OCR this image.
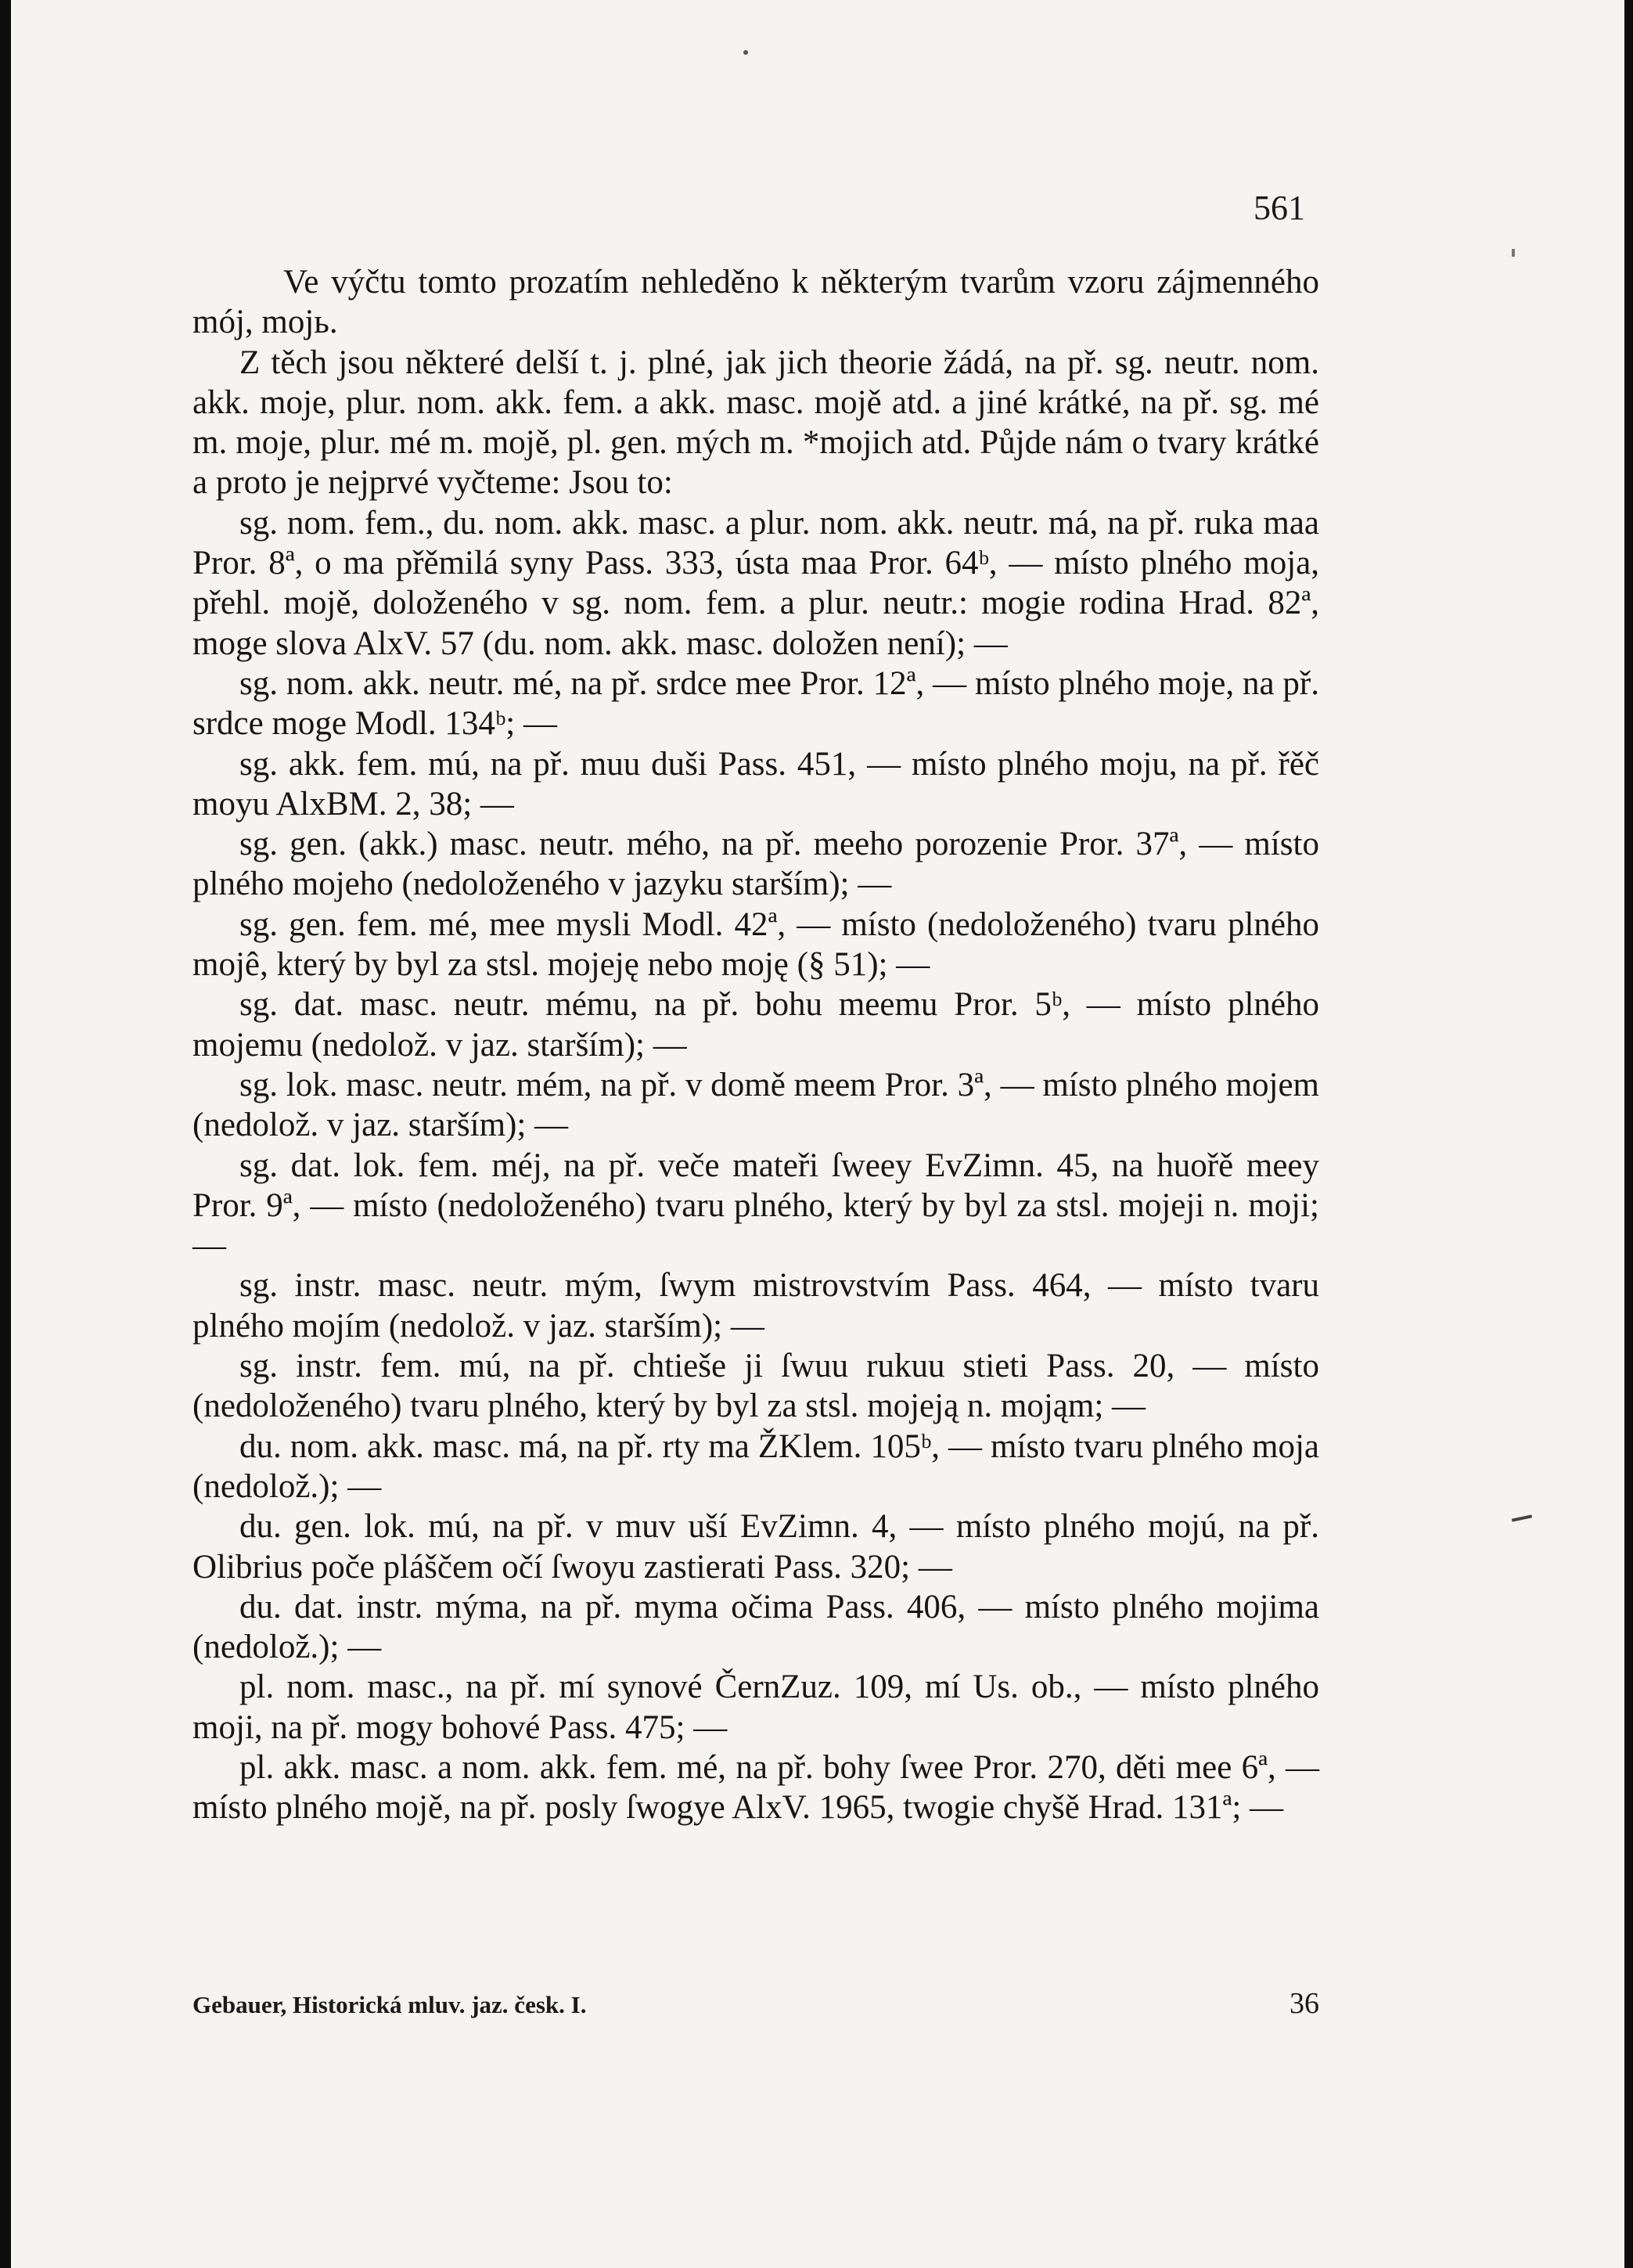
561

Ve výčtu tomto prozatím nehleděno k některým tvarům vzoru zájmenného mój, mojь.

Z těch jsou některé delší t. j. plné, jak jich theorie žádá, na př. sg. neutr. nom. akk. moje, plur. nom. akk. fem. a akk. masc. mojě atd. a jiné krátké, na př. sg. mé m. moje, plur. mé m. mojě, pl. gen. mých m. *mojich atd. Půjde nám o tvary krátké a proto je nejprvé vyčteme: Jsou to:

sg. nom. fem., du. nom. akk. masc. a plur. nom. akk. neutr. má, na př. ruka maa Pror. 8ª, o ma přěmilá syny Pass. 333, ústa maa Pror. 64ᵇ, — místo plného moja, přehl. mojě, doloženého v sg. nom. fem. a plur. neutr.: mogie rodina Hrad. 82ª, moge slova AlxV. 57 (du. nom. akk. masc. doložen není); —

sg. nom. akk. neutr. mé, na př. srdce mee Pror. 12ª, — místo plného moje, na př. srdce moge Modl. 134ᵇ; —

sg. akk. fem. mú, na př. muu duši Pass. 451, — místo plného moju, na př. řěč moyu AlxBM. 2, 38; —

sg. gen. (akk.) masc. neutr. mého, na př. meeho porozenie Pror. 37ª, — místo plného mojeho (nedoloženého v jazyku starším); —

sg. gen. fem. mé, mee mysli Modl. 42ª, — místo (nedoloženého) tvaru plného mojê, který by byl za stsl. mojeję nebo moję (§ 51); —

sg. dat. masc. neutr. mému, na př. bohu meemu Pror. 5ᵇ, — místo plného mojemu (nedolož. v jaz. starším); —

sg. lok. masc. neutr. mém, na př. v domě meem Pror. 3ª, — místo plného mojem (nedolož. v jaz. starším); —

sg. dat. lok. fem. méj, na př. veče mateři ſweey EvZimn. 45, na huořě meey Pror. 9ª, — místo (nedoloženého) tvaru plného, který by byl za stsl. mojeji n. moji; —

sg. instr. masc. neutr. mým, ſwym mistrovstvím Pass. 464, — místo tvaru plného mojím (nedolož. v jaz. starším); —

sg. instr. fem. mú, na př. chtieše ji ſwuu rukuu stieti Pass. 20, — místo (nedoloženého) tvaru plného, který by byl za stsl. mojeją n. mojąm; —

du. nom. akk. masc. má, na př. rty ma ŽKlem. 105ᵇ, — místo tvaru plného moja (nedolož.); —

du. gen. lok. mú, na př. v muv uší EvZimn. 4, — místo plného mojú, na př. Olibrius poče pláščem očí ſwoyu zastierati Pass. 320; —

du. dat. instr. mýma, na př. myma očima Pass. 406, — místo plného mojima (nedolož.); —

pl. nom. masc., na př. mí synové ČernZuz. 109, mí Us. ob., — místo plného moji, na př. mogy bohové Pass. 475; —

pl. akk. masc. a nom. akk. fem. mé, na př. bohy ſwee Pror. 270, děti mee 6ª, — místo plného mojě, na př. posly ſwogye AlxV. 1965, twogie chyšě Hrad. 131ª; —

Gebauer, Historická mluv. jaz. česk. I.	36
